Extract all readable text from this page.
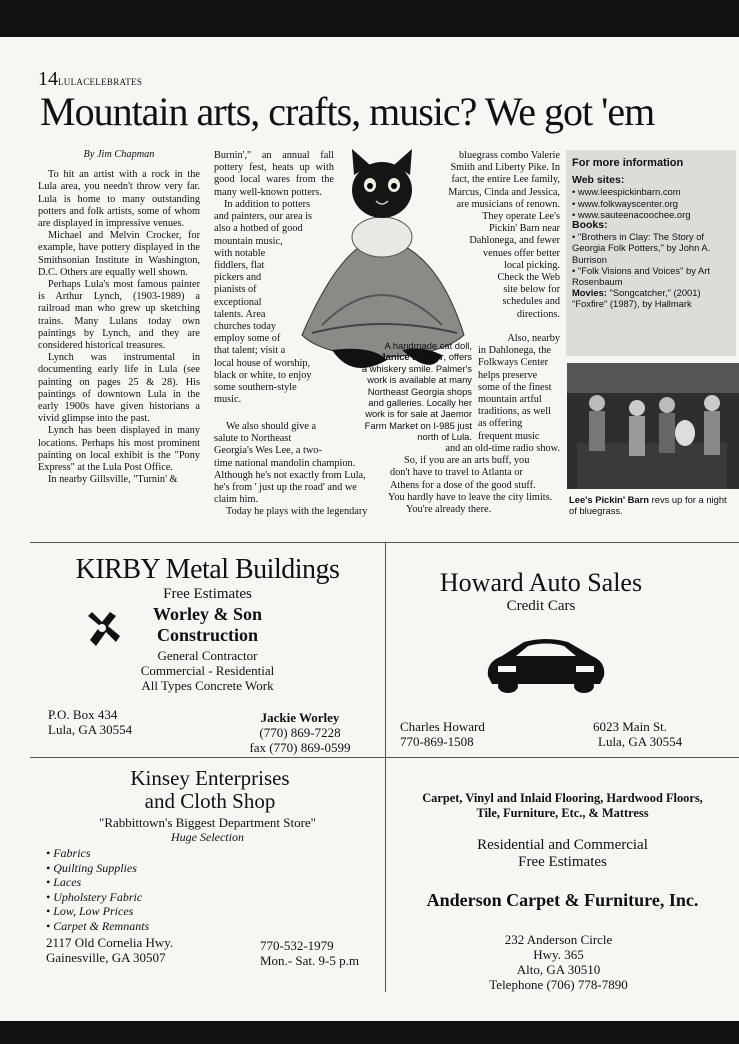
14 LULACELEBRATES
Mountain arts, crafts, music? We got 'em

By Jim Chapman

To hit an artist with a rock in the Lula area, you needn't throw very far. Lula is home to many outstanding potters and folk artists, some of whom are displayed in impressive venues.

Michael and Melvin Crocker, for example, have pottery displayed in the Smithsonian Institute in Washington, D.C. Others are equally well shown.

Perhaps Lula's most famous painter is Arthur Lynch, (1903-1989) a railroad man who grew up sketching trains. Many Lulans today own paintings by Lynch, and they are considered historical treasures.

Lynch was instrumental in documenting early life in Lula (see painting on pages 25 & 28). His paintings of downtown Lula in the early 1900s have given historians a vivid glimpse into the past.

Lynch has been displayed in many locations. Perhaps his most prominent painting on local exhibit is the "Pony Express" at the Lula Post Office.

In nearby Gillsville, "Turnin' &

Burnin'," an annual fall pottery fest, heats up with good local wares from the many well-known potters.

In addition to potters
and painters, our area is
also a hotbed of good
mountain music,
with notable
fiddlers, flat
pickers and
pianists of
exceptional
talents. Area
churches today
employ some of
that talent; visit a
local house of worship,
black or white, to enjoy
some southern-style
music.
We also should give a
salute to Northeast
Georgia's Wes Lee, a two-
time national mandolin champion.
Although he's not exactly from Lula,
he's from ' just up the road' and we
claim him.
Today he plays with the legendary
A handmade cat doll,
by Janice Palmer, offers
a whiskery smile. Palmer's
work is available at many
Northeast Georgia shops
and galleries. Locally her
work is for sale at Jaemor
Farm Market on I-985 just
north of Lula.
bluegrass combo Valerie
Smith and Liberty Pike. In
fact, the entire Lee family,
Marcus, Cinda and Jessica,
are musicians of renown.
They operate Lee's
Pickin' Barn near
Dahlonega, and fewer
venues offer better
local picking.
Check the Web
site below for
schedules and
directions.
Also, nearby
in Dahlonega, the
Folkways Center
helps preserve
some of the finest
mountain artful
traditions, as well
as offering
frequent music
and an old-time radio show.
So, if you are an arts buff, you
don't have to travel to Atlanta or
Athens for a dose of the good stuff.
You hardly have to leave the city limits.
You're already there.
For more information
Web sites:
• www.leespickinbarn.com
• www.folkwayscenter.org
• www.sauteenacoochee.org
Books:
• "Brothers in Clay: The Story of Georgia Folk Potters," by John A. Burrison
• "Folk Visions and Voices" by Art Rosenbaum
Movies: "Songcatcher," (2001) "Foxfire" (1987), by Hallmark
Lee's Pickin' Barn revs up for a night of bluegrass.
KIRBY Metal Buildings
Free Estimates
Worley & Son
Construction
General Contractor
Commercial - Residential
All Types Concrete Work
P.O. Box 434
Lula, GA 30554
Jackie Worley
(770) 869-7228
fax (770) 869-0599
Howard Auto Sales
Credit Cars
Charles Howard
770-869-1508
6023 Main St.
Lula, GA 30554
Kinsey Enterprises
and Cloth Shop
"Rabbittown's Biggest Department Store"
Huge Selection
• Fabrics
• Quilting Supplies
• Laces
• Upholstery Fabric
• Low, Low Prices
• Carpet & Remnants
2117 Old Cornelia Hwy.
Gainesville, GA 30507
770-532-1979
Mon.- Sat. 9-5 p.m
Carpet, Vinyl and Inlaid Flooring, Hardwood Floors,
Tile, Furniture, Etc., & Mattress
Residential and Commercial
Free Estimates
Anderson Carpet & Furniture, Inc.
232 Anderson Circle
Hwy. 365
Alto, GA 30510
Telephone (706) 778-7890
